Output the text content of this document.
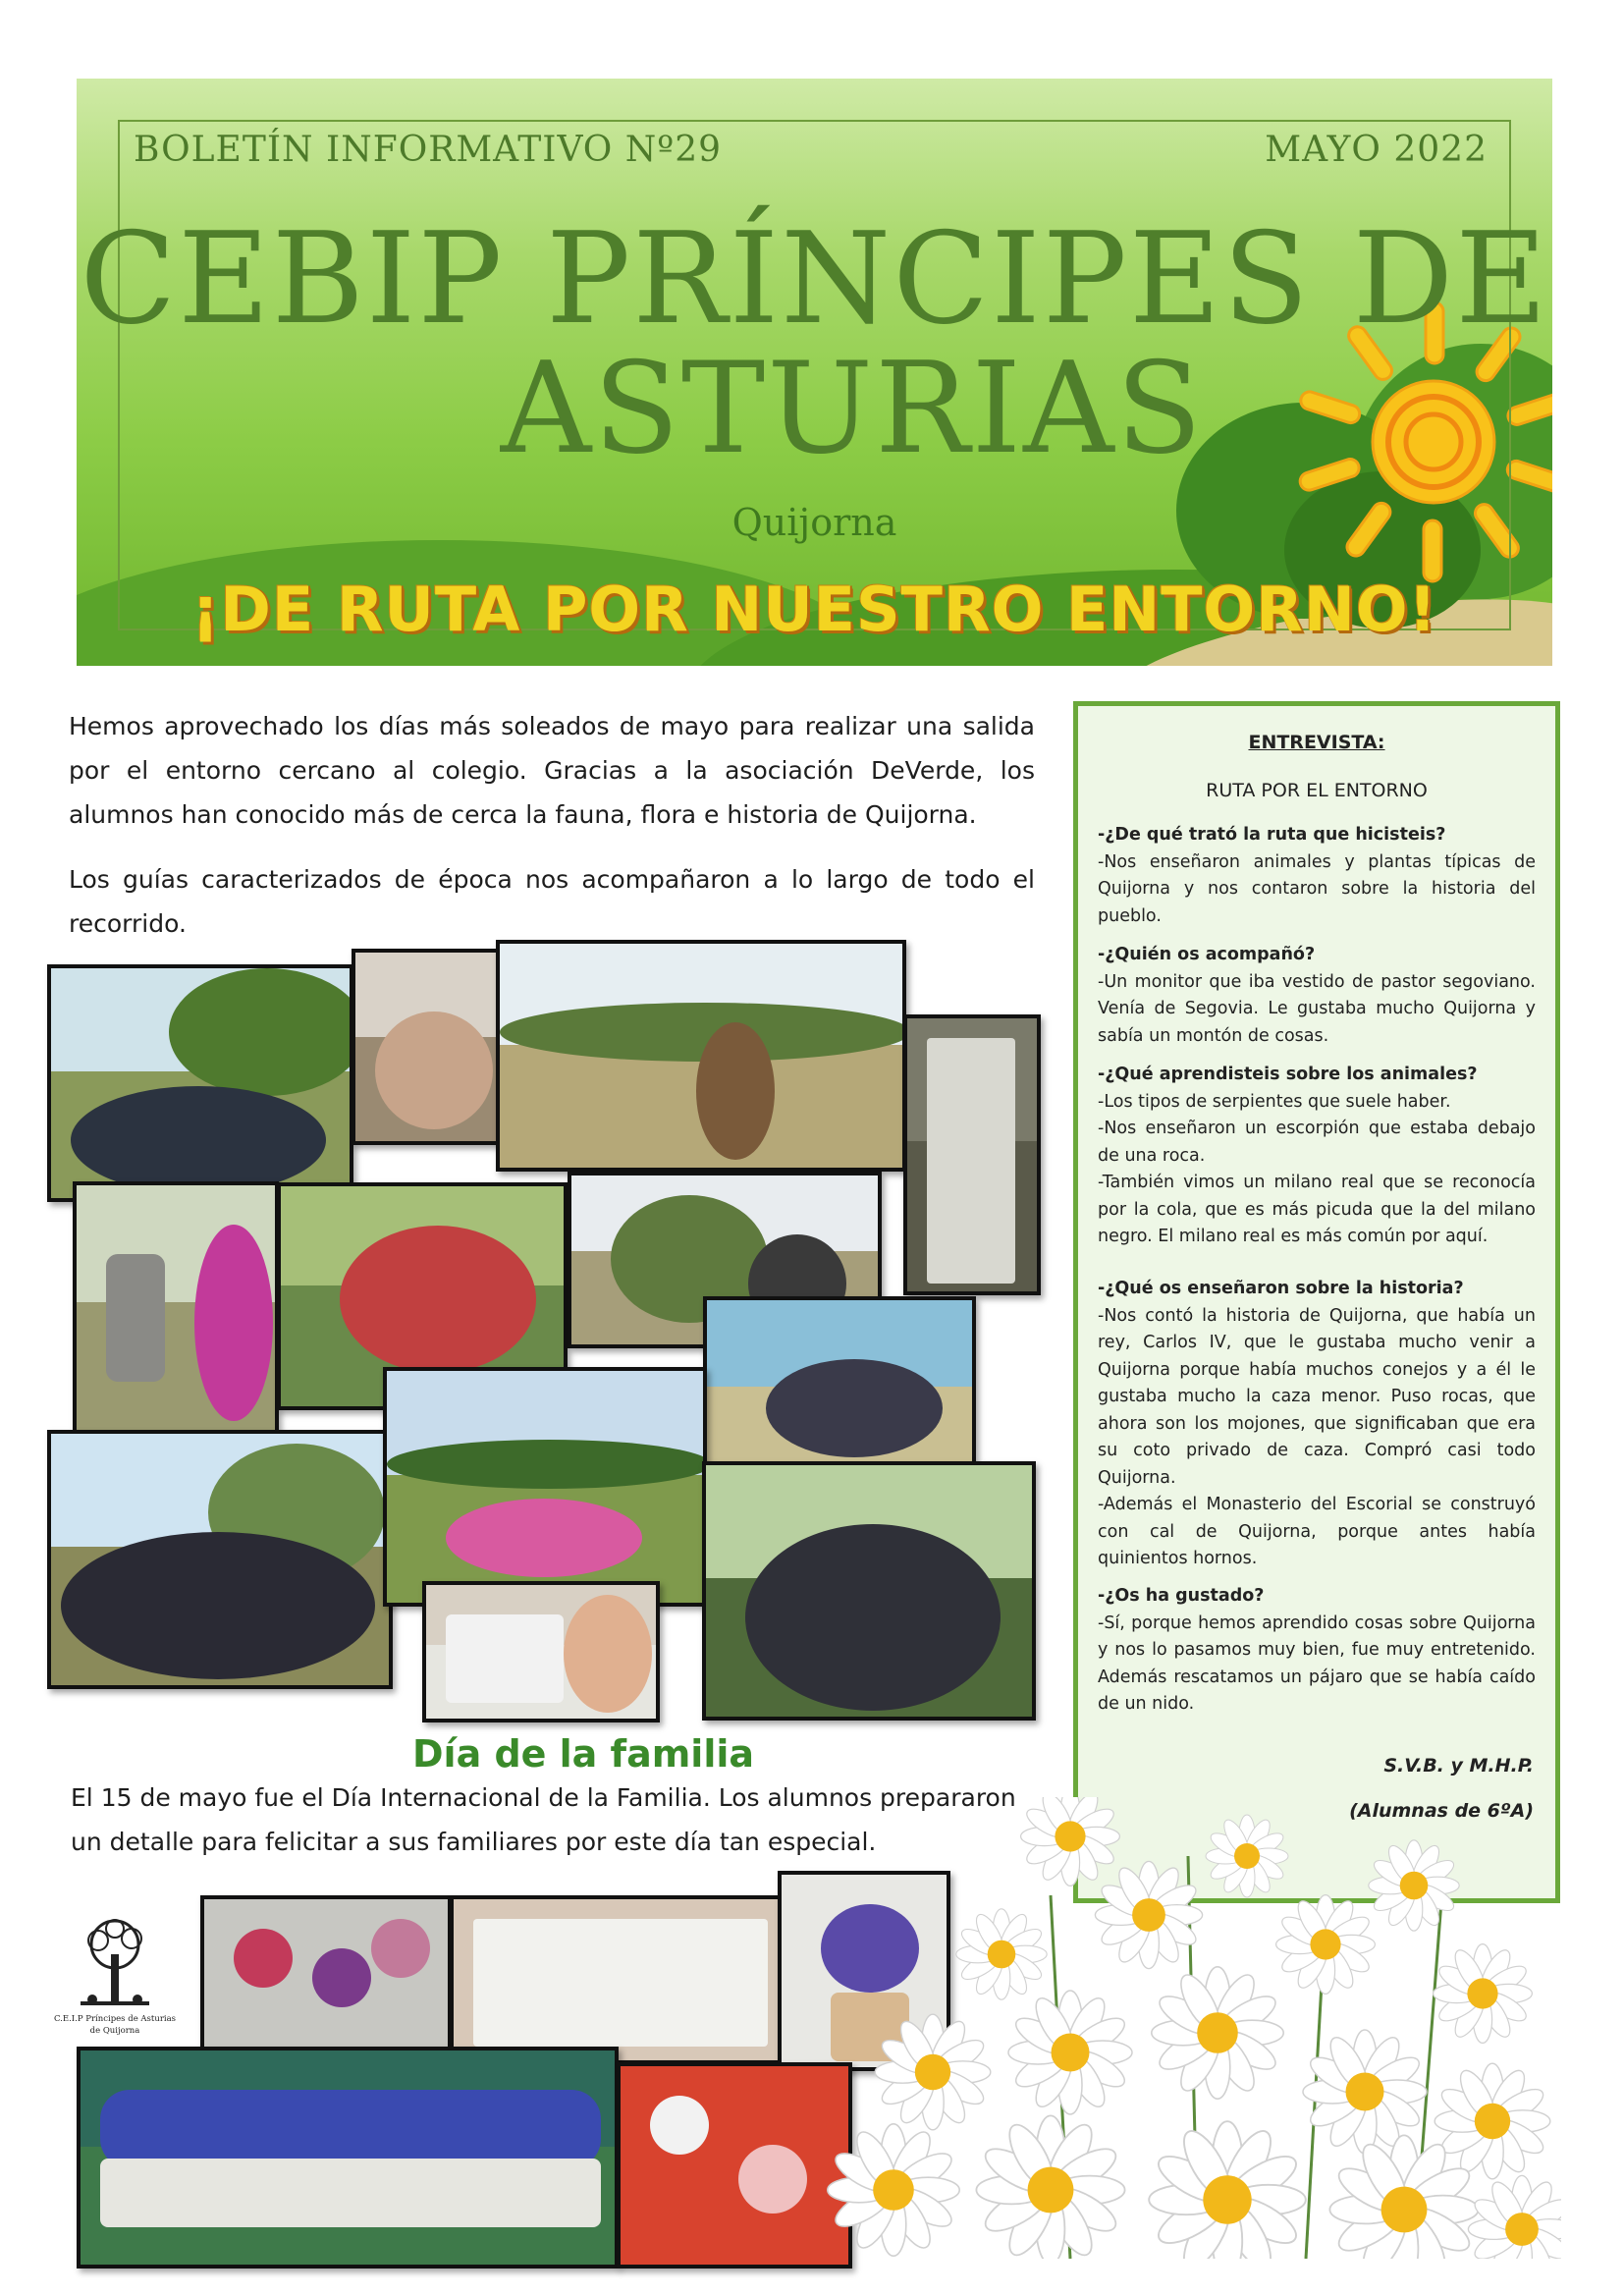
BOLETÍN INFORMATIVO Nº29	MAYO 2022
CEBIP PRÍNCIPES DE
ASTURIAS
Quijorna
¡DE RUTA POR NUESTRO ENTORNO!
Hemos aprovechado los días más soleados de mayo para realizar una salida por el entorno cercano al colegio. Gracias a la asociación DeVerde, los alumnos han conocido más de cerca la fauna, flora e historia de Quijorna.
Los guías caracterizados de época nos acompañaron a lo largo de todo el recorrido.
ENTREVISTA:
RUTA POR EL ENTORNO
-¿De qué trató la ruta que hicisteis?
-Nos enseñaron animales y plantas típicas de Quijorna y nos contaron sobre la historia del pueblo.
-¿Quién os acompañó?
-Un monitor que iba vestido de pastor segoviano. Venía de Segovia. Le gustaba mucho Quijorna y sabía un montón de cosas.
-¿Qué aprendisteis sobre los animales?
-Los tipos de serpientes que suele haber.
-Nos enseñaron un escorpión que estaba debajo de una roca.
-También vimos un milano real que se reconocía por la cola, que es más picuda que la del milano negro. El milano real es más común por aquí.
-¿Qué os enseñaron sobre la historia?
-Nos contó la historia de Quijorna, que había un rey, Carlos IV, que le gustaba mucho venir a Quijorna porque había muchos conejos y a él le gustaba mucho la caza menor. Puso rocas, que ahora son los mojones, que significaban que era su coto privado de caza. Compró casi todo Quijorna.
-Además el Monasterio del Escorial se construyó con cal de Quijorna, porque antes había quinientos hornos.
-¿Os ha gustado?
-Sí, porque hemos aprendido cosas sobre Quijorna y nos lo pasamos muy bien, fue muy entretenido. Además rescatamos un pájaro que se había caído de un nido.
S.V.B. y M.H.P.
(Alumnas de 6ºA)
Día de la familia
El 15 de mayo fue el Día Internacional de la Familia. Los alumnos prepararon un detalle para felicitar a sus familiares por este día tan especial.
C.E.I.P Príncipes de Asturias
de Quijorna
